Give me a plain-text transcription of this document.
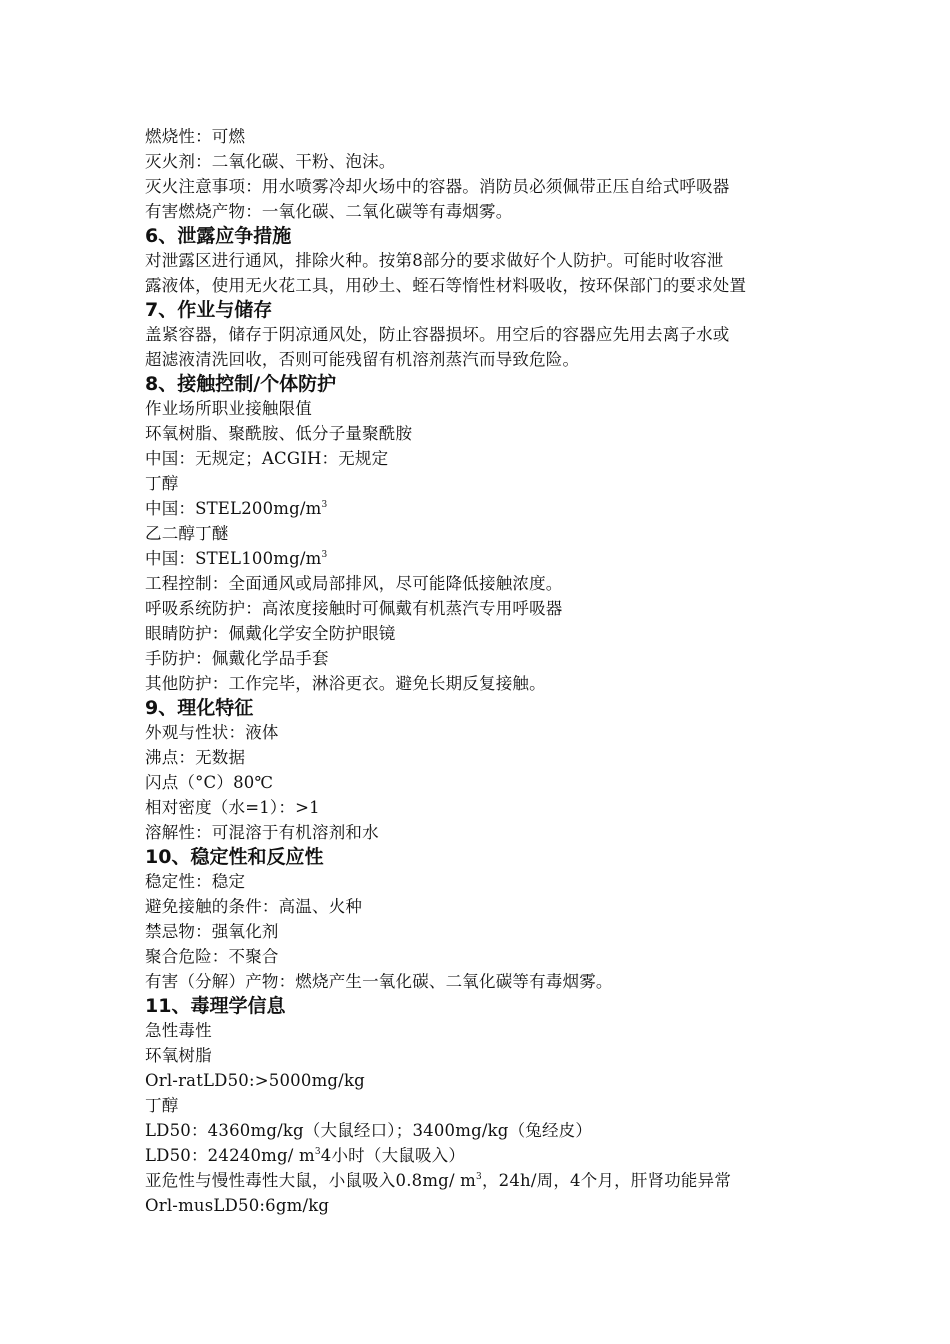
燃烧性：可燃
灭火剂：二氧化碳、干粉、泡沫。
灭火注意事项：用水喷雾冷却火场中的容器。消防员必须佩带正压自给式呼吸器
有害燃烧产物：一氧化碳、二氧化碳等有毒烟雾。
6、泄露应争措施
对泄露区进行通风，排除火种。按第8部分的要求做好个人防护。可能时收容泄
露液体，使用无火花工具，用砂土、蛭石等惰性材料吸收，按环保部门的要求处置
7、作业与储存
盖紧容器，储存于阴凉通风处，防止容器损坏。用空后的容器应先用去离子水或
超滤液清洗回收，否则可能残留有机溶剂蒸汽而导致危险。
8、接触控制/个体防护
作业场所职业接触限值
环氧树脂、聚酰胺、低分子量聚酰胺
中国：无规定；ACGIH：无规定
丁醇
中国：$STEL200mg/m^3$
乙二醇丁醚
中国：$STEL100mg/m^3$
工程控制：全面通风或局部排风，尽可能降低接触浓度。
呼吸系统防护：高浓度接触时可佩戴有机蒸汽专用呼吸器
眼睛防护：佩戴化学安全防护眼镜
手防护：佩戴化学品手套
其他防护：工作完毕，淋浴更衣。避免长期反复接触。
9、理化特征
外观与性状：液体
沸点：无数据
闪点（°C）80℃
相对密度（水=1）：>1
溶解性：可混溶于有机溶剂和水
10、稳定性和反应性
稳定性：稳定
避免接触的条件：高温、火种
禁忌物：强氧化剂
聚合危险：不聚合
有害（分解）产物：燃烧产生一氧化碳、二氧化碳等有毒烟雾。
11、毒理学信息
急性毒性
环氧树脂
Orl-ratLD50:>5000mg/kg
丁醇
LD50：4360mg/kg（大鼠经口）；3400mg/kg（兔经皮）
LD50：24240mg/ $m^34$小时（大鼠吸入）
亚危性与慢性毒性大鼠，小鼠吸入0.8mg/ $m^3$，24h/周，4个月，肝肾功能异常
Orl-musLD50:6gm/kg
